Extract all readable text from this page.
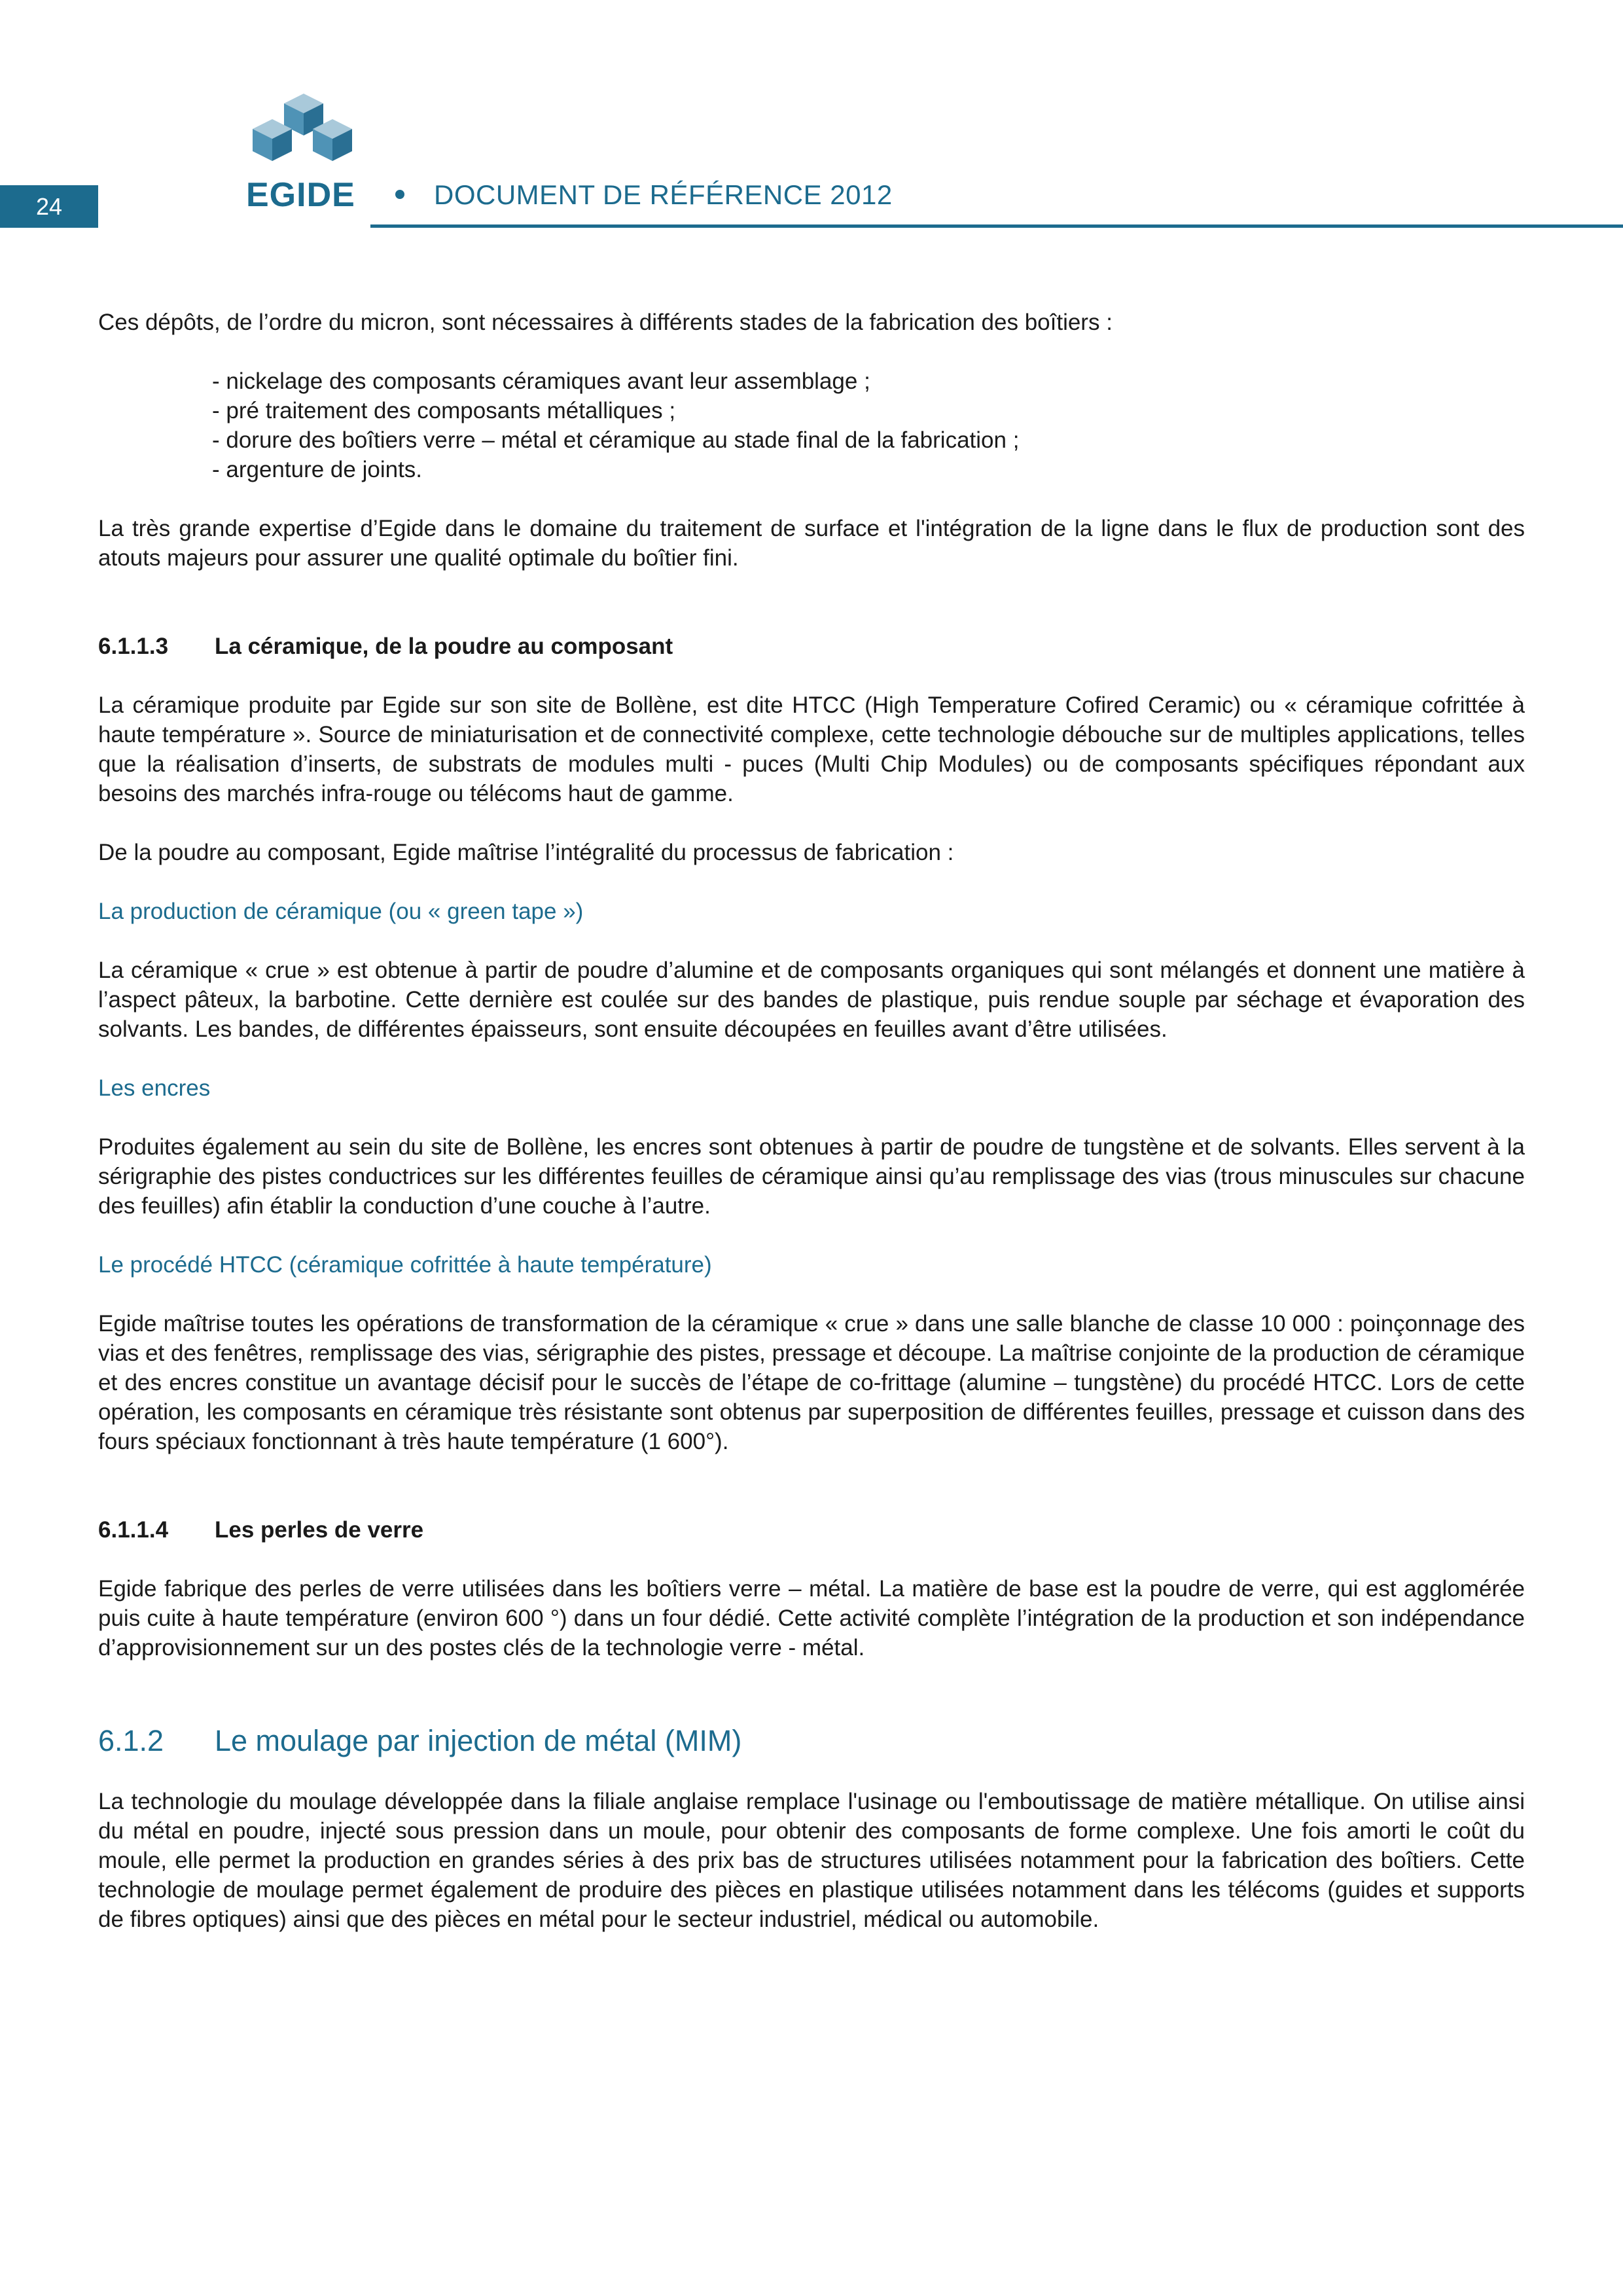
24	EGIDE	DOCUMENT DE RÉFÉRENCE 2012

Ces dépôts, de l’ordre du micron, sont nécessaires à différents stades de la fabrication des boîtiers :

- nickelage des composants céramiques avant leur assemblage ;
- pré traitement des composants métalliques ;
- dorure des boîtiers verre – métal et céramique au stade final de la fabrication ;
- argenture de joints.

La très grande expertise d’Egide dans le domaine du traitement de surface et l'intégration de la ligne dans le flux de production sont des atouts majeurs pour assurer une qualité optimale du boîtier fini.

6.1.1.3 La céramique, de la poudre au composant

La céramique produite par Egide sur son site de Bollène, est dite HTCC (High Temperature Cofired Ceramic) ou « céramique cofrittée à haute température ». Source de miniaturisation et de connectivité complexe, cette technologie débouche sur de multiples applications, telles que la réalisation d’inserts, de substrats de modules multi - puces (Multi Chip Modules) ou de composants spécifiques répondant aux besoins des marchés infra-rouge ou télécoms haut de gamme.

De la poudre au composant, Egide maîtrise l’intégralité du processus de fabrication :

La production de céramique (ou « green tape »)

La céramique « crue » est obtenue à partir de poudre d’alumine et de composants organiques qui sont mélangés et donnent une matière à l’aspect pâteux, la barbotine. Cette dernière est coulée sur des bandes de plastique, puis rendue souple par séchage et évaporation des solvants. Les bandes, de différentes épaisseurs, sont ensuite découpées en feuilles avant d’être utilisées.

Les encres

Produites également au sein du site de Bollène, les encres sont obtenues à partir de poudre de tungstène et de solvants. Elles servent à la sérigraphie des pistes conductrices sur les différentes feuilles de céramique ainsi qu’au remplissage des vias (trous minuscules sur chacune des feuilles) afin établir la conduction d’une couche à l’autre.

Le procédé HTCC (céramique cofrittée à haute température)

Egide maîtrise toutes les opérations de transformation de la céramique « crue » dans une salle blanche de classe 10 000 : poinçonnage des vias et des fenêtres, remplissage des vias, sérigraphie des pistes, pressage et découpe. La maîtrise conjointe de la production de céramique et des encres constitue un avantage décisif pour le succès de l’étape de co-frittage (alumine – tungstène) du procédé HTCC. Lors de cette opération, les composants en céramique très résistante sont obtenus par superposition de différentes feuilles, pressage et cuisson dans des fours spéciaux fonctionnant à très haute température (1 600°).

6.1.1.4 Les perles de verre

Egide fabrique des perles de verre utilisées dans les boîtiers verre – métal. La matière de base est la poudre de verre, qui est agglomérée puis cuite à haute température (environ 600 °) dans un four dédié. Cette activité complète l’intégration de la production et son indépendance d’approvisionnement sur un des postes clés de la technologie verre - métal.

6.1.2 Le moulage par injection de métal (MIM)

La technologie du moulage développée dans la filiale anglaise remplace l'usinage ou l'emboutissage de matière métallique. On utilise ainsi du métal en poudre, injecté sous pression dans un moule, pour obtenir des composants de forme complexe. Une fois amorti le coût du moule, elle permet la production en grandes séries à des prix bas de structures utilisées notamment pour la fabrication des boîtiers. Cette technologie de moulage permet également de produire des pièces en plastique utilisées notamment dans les télécoms (guides et supports de fibres optiques) ainsi que des pièces en métal pour le secteur industriel, médical ou automobile.
